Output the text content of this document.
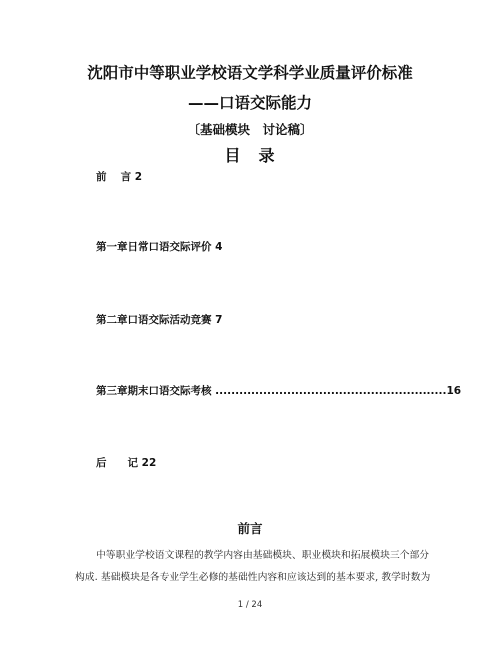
沈阳市中等职业学校语文学科学业质量评价标准
——口语交际能力
〔基础模块　讨论稿〕
目　录
前　 言 2
第一章日常口语交际评价 4
第二章口语交际活动竞赛 7
第三章期末口语交际考核 ..........................................................16
后　　记 22
前言
中等职业学校语文课程的教学内容由基础模块、职业模块和拓展模块三个部分
构成. 基础模块是各专业学生必修的基础性内容和应该达到的基本要求, 教学时数为
1 / 24
